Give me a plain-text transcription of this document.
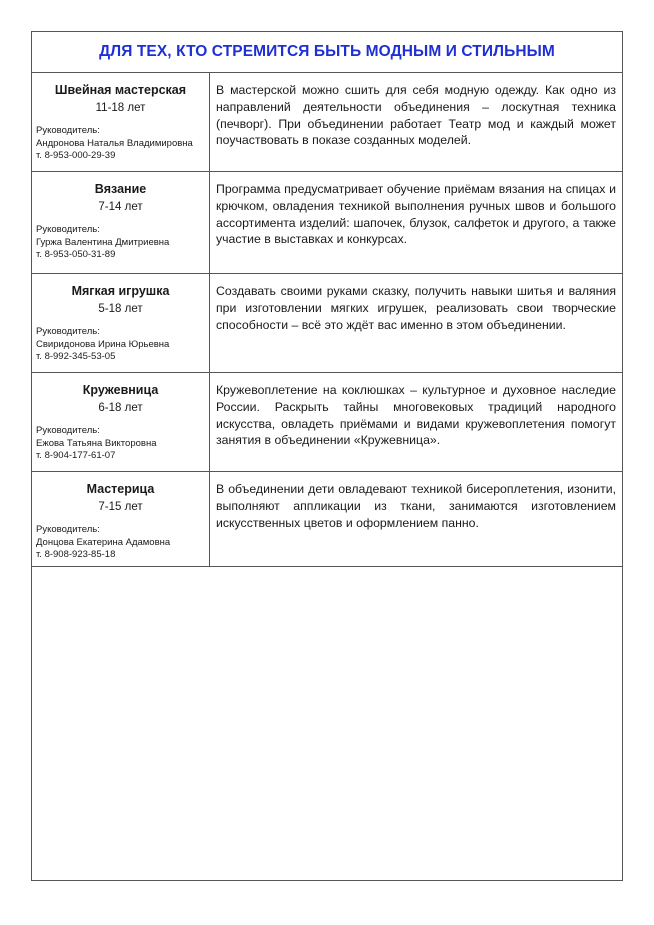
ДЛЯ ТЕХ, КТО СТРЕМИТСЯ БЫТЬ МОДНЫМ И СТИЛЬНЫМ
Швейная мастерская
11-18 лет
Руководитель:
Андронова Наталья Владимировна
т. 8-953-000-29-39

В мастерской можно сшить для себя модную одежду. Как одно из направлений деятельности объединения – лоскутная техника (печворг). При объединении работает Театр мод и каждый может поучаствовать в показе созданных моделей.

Вязание
7-14 лет
Руководитель:
Гуржа Валентина Дмитриевна
т. 8-953-050-31-89

Программа предусматривает обучение приёмам вязания на спицах и крючком, овладения техникой выполнения ручных швов и большого ассортимента изделий: шапочек, блузок, салфеток и другого, а также участие в выставках и конкурсах.

Мягкая игрушка
5-18 лет
Руководитель:
Свиридонова Ирина Юрьевна
т. 8-992-345-53-05

Создавать своими руками сказку, получить навыки шитья и валяния при изготовлении мягких игрушек, реализовать свои творческие способности – всё это ждёт вас именно в этом объединении.

Кружевница
6-18 лет
Руководитель:
Ежова Татьяна Викторовна
т. 8-904-177-61-07

Кружевоплетение на коклюшках – культурное и духовное наследие России. Раскрыть тайны многовековых традиций народного искусства, овладеть приёмами и видами кружевоплетения помогут занятия в объединении «Кружевница».

Мастерица
7-15 лет
Руководитель:
Донцова Екатерина Адамовна
т. 8-908-923-85-18

В объединении дети овладевают техникой бисероплетения, изонити, выполняют аппликации из ткани, занимаются изготовлением искусственных цветов и оформлением панно.
